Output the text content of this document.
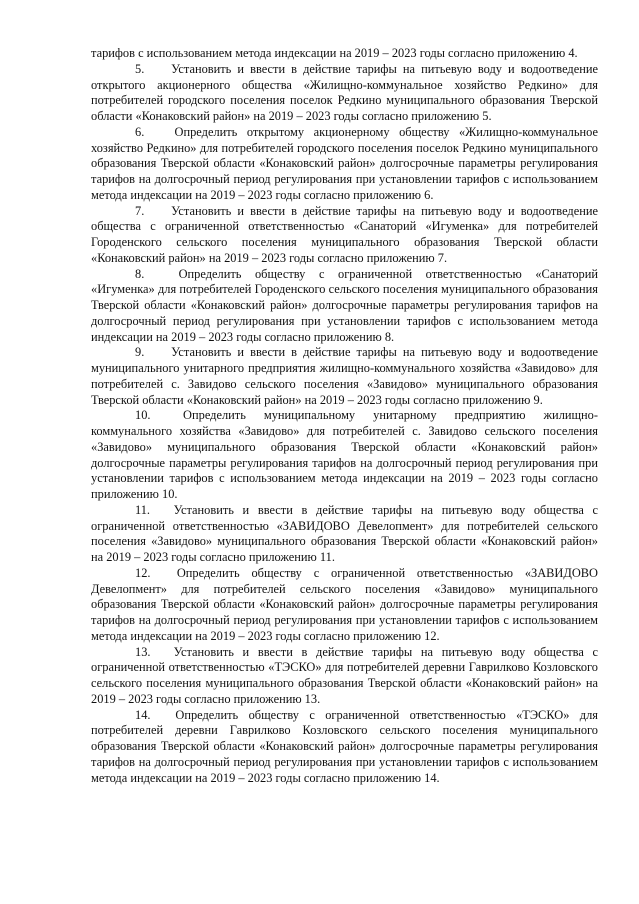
тарифов с использованием метода индексации на 2019 – 2023 годы согласно приложению 4.

5. Установить и ввести в действие тарифы на питьевую воду и водоотведение открытого акционерного общества «Жилищно-коммунальное хозяйство Редкино» для потребителей городского поселения поселок Редкино муниципального образования Тверской области «Конаковский район» на 2019 – 2023 годы согласно приложению 5.

6. Определить открытому акционерному обществу «Жилищно-коммунальное хозяйство Редкино» для потребителей городского поселения поселок Редкино муниципального образования Тверской области «Конаковский район» долгосрочные параметры регулирования тарифов на долгосрочный период регулирования при установлении тарифов с использованием метода индексации на 2019 – 2023 годы согласно приложению 6.

7. Установить и ввести в действие тарифы на питьевую воду и водоотведение общества с ограниченной ответственностью «Санаторий «Игуменка» для потребителей Городенского сельского поселения муниципального образования Тверской области «Конаковский район» на 2019 – 2023 годы согласно приложению 7.

8.	Определить обществу с ограниченной ответственностью «Санаторий «Игуменка» для потребителей Городенского сельского поселения муниципального образования Тверской области «Конаковский район» долгосрочные параметры регулирования тарифов на долгосрочный период регулирования при установлении тарифов с использованием метода индексации на 2019 – 2023 годы согласно приложению 8.

9. Установить и ввести в действие тарифы на питьевую воду и водоотведение муниципального унитарного предприятия жилищно-коммунального хозяйства «Завидово» для потребителей с. Завидово сельского поселения «Завидово» муниципального образования Тверской области «Конаковский район» на 2019 – 2023 годы согласно приложению 9.

10.	Определить муниципальному унитарному предприятию жилищно-коммунального хозяйства «Завидово» для потребителей с. Завидово сельского поселения «Завидово» муниципального образования Тверской области «Конаковский район» долгосрочные параметры регулирования тарифов на долгосрочный период регулирования при установлении тарифов с использованием метода индексации на 2019 – 2023 годы согласно приложению 10.

11. Установить и ввести в действие тарифы на питьевую воду общества с ограниченной ответственностью «ЗАВИДОВО Девелопмент» для потребителей сельского поселения «Завидово» муниципального образования Тверской области «Конаковский район» на 2019 – 2023 годы согласно приложению 11.

12. Определить обществу с ограниченной ответственностью «ЗАВИДОВО Девелопмент» для потребителей сельского поселения «Завидово» муниципального образования Тверской области «Конаковский район» долгосрочные параметры регулирования тарифов на долгосрочный период регулирования при установлении тарифов с использованием метода индексации на 2019 – 2023 годы согласно приложению 12.

13. Установить и ввести в действие тарифы на питьевую воду общества с ограниченной ответственностью «ТЭСКО» для потребителей деревни Гаврилково Козловского сельского поселения муниципального образования Тверской области «Конаковский район» на 2019 – 2023 годы согласно приложению 13.

14. Определить обществу с ограниченной ответственностью «ТЭСКО» для потребителей деревни Гаврилково Козловского сельского поселения муниципального образования Тверской области «Конаковский район» долгосрочные параметры регулирования тарифов на долгосрочный период регулирования при установлении тарифов с использованием метода индексации на 2019 – 2023 годы согласно приложению 14.
